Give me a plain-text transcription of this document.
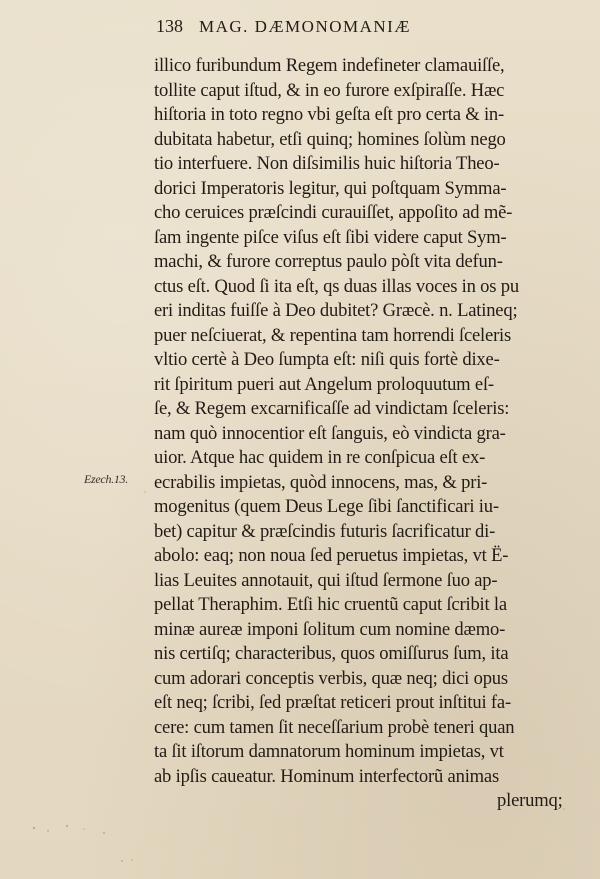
138 MAG. DÆMONOMANIÆ
Ezech.13.
illico furibundum Regem indefineter clamauiſſe,
tollite caput iſtud, & in eo furore exſpiraſſe. Hæc
hiſtoria in toto regno vbi geſta eſt pro certa & in-
dubitata habetur, etſi quinq; homines ſolùm nego
tio interfuere. Non diſsimilis huic hiſtoria Theo-
dorici Imperatoris legitur, qui poſtquam Symma-
cho ceruices præſcindi curauiſſet, appoſito ad mẽ-
ſam ingente piſce viſus eſt ſibi videre caput Sym-
machi, & furore correptus paulo pòſt vita defun-
ctus eſt. Quod ſi ita eſt, qs duas illas voces in os pu
eri inditas fuiſſe à Deo dubitet? Græcè. n. Latineq;
puer neſciuerat, & repentina tam horrendi ſceleris
vltio certè à Deo ſumpta eſt: niſi quis fortè dixe-
rit ſpiritum pueri aut Angelum proloquutum eſ-
ſe, & Regem excarnificaſſe ad vindictam ſceleris:
nam quò innocentior eſt ſanguis, eò vindicta gra-
uior. Atque hac quidem in re conſpicua eſt ex-
ecrabilis impietas, quòd innocens, mas, & pri-
mogenitus (quem Deus Lege ſibi ſanctificari iu-
bet) capitur & præſcindis futuris ſacrificatur di-
abolo: eaq; non noua ſed peruetus impietas, vt Ë-
lias Leuites annotauit, qui iſtud ſermone ſuo ap-
pellat Theraphim. Etſi hic cruentũ caput ſcribit la
minæ aureæ imponi ſolitum cum nomine dæmo-
nis certiſq; characteribus, quos omiſſurus ſum, ita
cum adorari conceptis verbis, quæ neq; dici opus
eſt neq; ſcribi, ſed præſtat reticeri prout inſtitui fa-
cere: cum tamen ſit neceſſarium probè teneri quan
ta ſit iſtorum damnatorum hominum impietas, vt
ab ipſis caueatur. Hominum interfectorũ animas
plerumq;
